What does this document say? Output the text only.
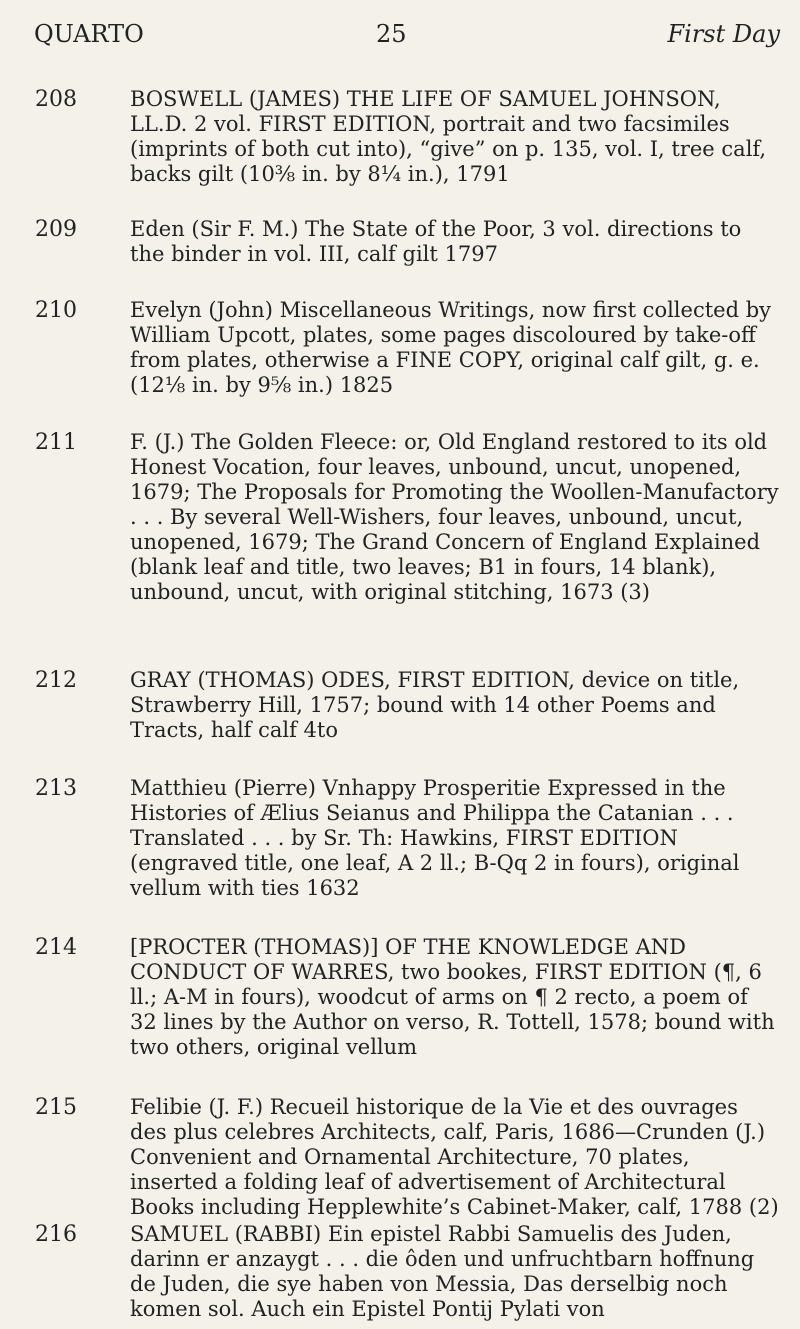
QUARTO	25	First Day
208	BOSWELL (JAMES) THE LIFE OF SAMUEL JOHNSON, LL.D. 2 vol. FIRST EDITION, portrait and two facsimiles (imprints of both cut into), “give” on p. 135, vol. I, tree calf, backs gilt (10⅜ in. by 8¼ in.), 1791
209	Eden (Sir F. M.) The State of the Poor, 3 vol. directions to the binder in vol. III, calf gilt 1797
210	Evelyn (John) Miscellaneous Writings, now first collected by William Upcott, plates, some pages discoloured by take-off from plates, otherwise a FINE COPY, original calf gilt, g. e. (12⅛ in. by 9⅝ in.) 1825
211	F. (J.) The Golden Fleece: or, Old England restored to its old Honest Vocation, four leaves, unbound, uncut, unopened, 1679; The Proposals for Promoting the Woollen-Manufactory . . . By several Well-Wishers, four leaves, unbound, uncut, unopened, 1679; The Grand Concern of England Explained (blank leaf and title, two leaves; B1 in fours, 14 blank), unbound, uncut, with original stitching, 1673 (3)
212	GRAY (THOMAS) ODES, FIRST EDITION, device on title, Strawberry Hill, 1757; bound with 14 other Poems and Tracts, half calf 4to
213	Matthieu (Pierre) Vnhappy Prosperitie Expressed in the Histories of Ælius Seianus and Philippa the Catanian . . . Translated . . . by Sr. Th: Hawkins, FIRST EDITION (engraved title, one leaf, A 2 ll.; B-Qq 2 in fours), original vellum with ties 1632
214	[PROCTER (THOMAS)] OF THE KNOWLEDGE AND CONDUCT OF WARRES, two bookes, FIRST EDITION (¶, 6 ll.; A-M in fours), woodcut of arms on ¶ 2 recto, a poem of 32 lines by the Author on verso, R. Tottell, 1578; bound with two others, original vellum
215	Felibie (J. F.) Recueil historique de la Vie et des ouvrages des plus celebres Architects, calf, Paris, 1686—Crunden (J.) Convenient and Ornamental Architecture, 70 plates, inserted a folding leaf of advertisement of Architectural Books including Hepplewhite’s Cabinet-Maker, calf, 1788 (2)
216	SAMUEL (RABBI) Ein epistel Rabbi Samuelis des Juden, darinn er anzaygt . . . die ôden und unfruchtbarn hoffnung de Juden, die sye haben von Messia, Das derselbig noch komen sol. Auch ein Epistel Pontij Pylati von
